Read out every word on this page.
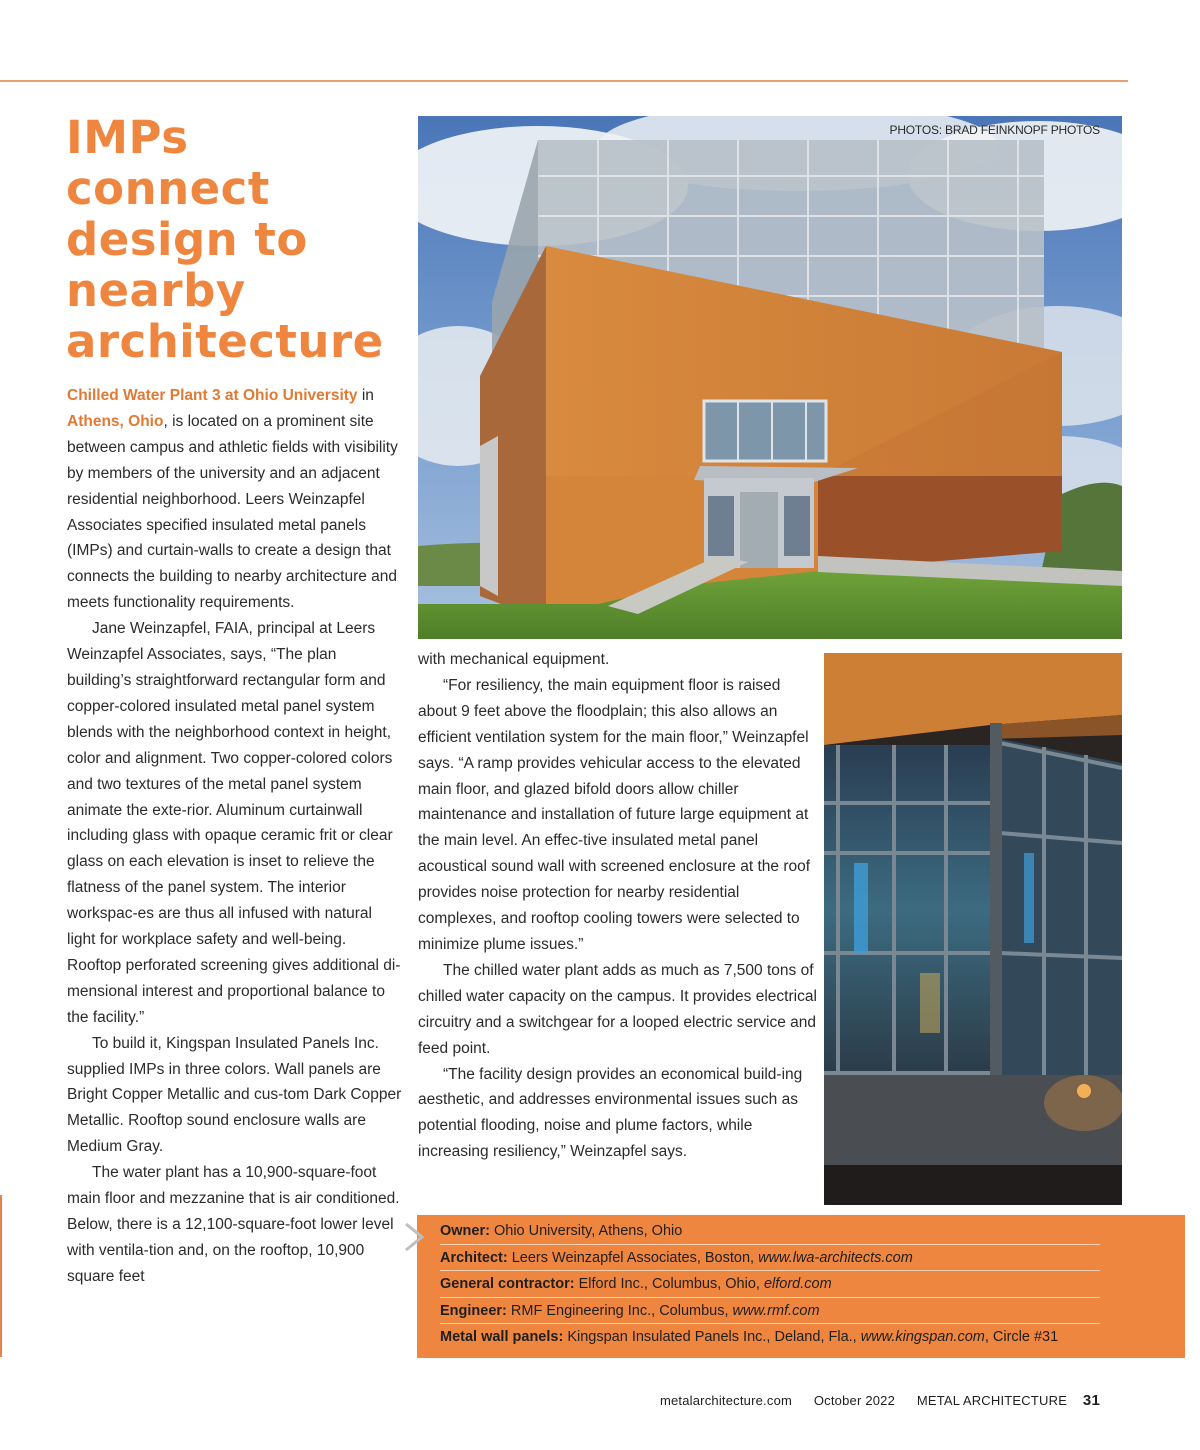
IMPs
connect
design to
nearby
architecture

Chilled Water Plant 3 at Ohio University in Athens, Ohio, is located on a prominent site between campus and athletic fields with visibility by members of the university and an adjacent residential neighborhood. Leers Weinzapfel Associates specified insulated metal panels (IMPs) and curtain-walls to create a design that connects the building to nearby architecture and meets functionality requirements.

Jane Weinzapfel, FAIA, principal at Leers Weinzapfel Associates, says, “The plan building’s straightforward rectangular form and copper-colored insulated metal panel system blends with the neighborhood context in height, color and alignment. Two copper-colored colors and two textures of the metal panel system animate the exte-rior. Aluminum curtainwall including glass with opaque ceramic frit or clear glass on each elevation is inset to relieve the flatness of the panel system. The interior workspac-es are thus all infused with natural light for workplace safety and well-being. Rooftop perforated screening gives additional di-mensional interest and proportional balance to the facility.”

To build it, Kingspan Insulated Panels Inc. supplied IMPs in three colors. Wall panels are Bright Copper Metallic and cus-tom Dark Copper Metallic. Rooftop sound enclosure walls are Medium Gray.

The water plant has a 10,900-square-foot main floor and mezzanine that is air conditioned. Below, there is a 12,100-square-foot lower level with ventila-tion and, on the rooftop, 10,900 square feet

with mechanical equipment.

“For resiliency, the main equipment floor is raised about 9 feet above the floodplain; this also allows an efficient ventilation system for the main floor,” Weinzapfel says. “A ramp provides vehicular access to the elevated main floor, and glazed bifold doors allow chiller maintenance and installation of future large equipment at the main level. An effec-tive insulated metal panel acoustical sound wall with screened enclosure at the roof provides noise protection for nearby residential complexes, and rooftop cooling towers were selected to minimize plume issues.”

The chilled water plant adds as much as 7,500 tons of chilled water capacity on the campus. It provides electrical circuitry and a switchgear for a looped electric service and feed point.

“The facility design provides an economical build-ing aesthetic, and addresses environmental issues such as potential flooding, noise and plume factors, while increasing resiliency,” Weinzapfel says.

PHOTOS: BRAD FEINKNOPF PHOTOS
Owner: Ohio University, Athens, Ohio
Architect: Leers Weinzapfel Associates, Boston, www.lwa-architects.com
General contractor: Elford Inc., Columbus, Ohio, elford.com
Engineer: RMF Engineering Inc., Columbus, www.rmf.com
Metal wall panels: Kingspan Insulated Panels Inc., Deland, Fla., www.kingspan.com, Circle #31
metalarchitecture.com October 2022 METAL ARCHITECTURE 31
